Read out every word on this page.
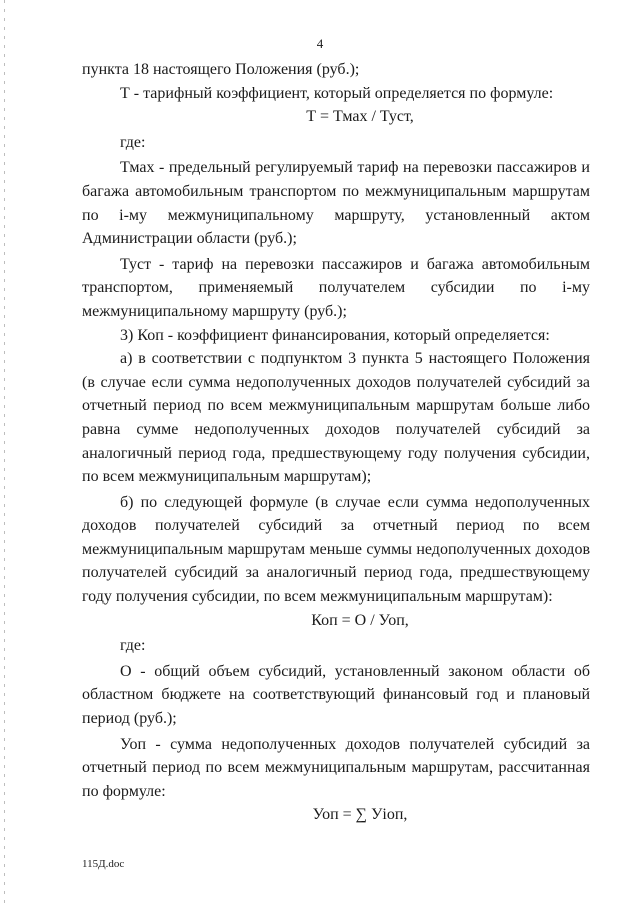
4

пункта 18 настоящего Положения (руб.);

Т - тарифный коэффициент, который определяется по формуле:

Т = Тмах / Туст,

где:

Тмах - предельный регулируемый тариф на перевозки пассажиров и багажа автомобильным транспортом по межмуниципальным маршрутам по i-му межмуниципальному маршруту, установленный актом Администрации области (руб.);

Туст - тариф на перевозки пассажиров и багажа автомобильным транспортом, применяемый получателем субсидии по i-му межмуниципальному маршруту (руб.);

3) Коп - коэффициент финансирования, который определяется:

а) в соответствии с подпунктом 3 пункта 5 настоящего Положения (в случае если сумма недополученных доходов получателей субсидий за отчетный период по всем межмуниципальным маршрутам больше либо равна сумме недополученных доходов получателей субсидий за аналогичный период года, предшествующему году получения субсидии, по всем межмуниципальным маршрутам);

б) по следующей формуле (в случае если сумма недополученных доходов получателей субсидий за отчетный период по всем межмуниципальным маршрутам меньше суммы недополученных доходов получателей субсидий за аналогичный период года, предшествующему году получения субсидии, по всем межмуниципальным маршрутам):

Коп = О / Уоп,

где:

О - общий объем субсидий, установленный законом области об областном бюджете на соответствующий финансовый год и плановый период (руб.);

Уоп - сумма недополученных доходов получателей субсидий за отчетный период по всем межмуниципальным маршрутам, рассчитанная по формуле:

Уоп = ∑ Уiоп,

115Д.doc
